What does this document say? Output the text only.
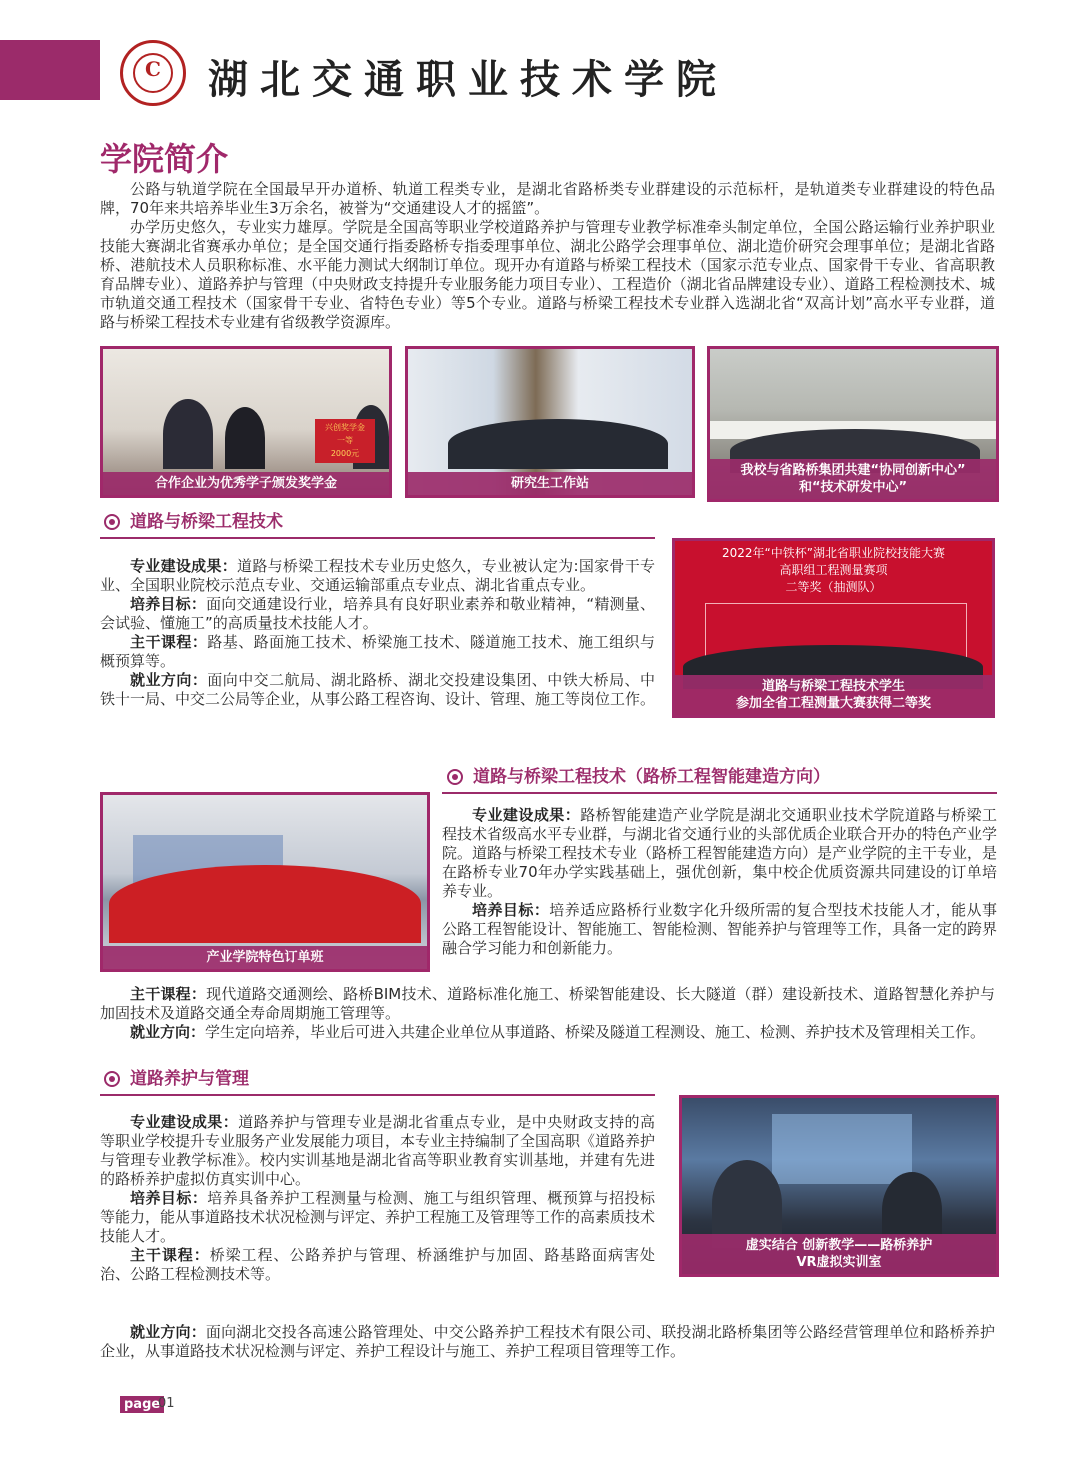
C	湖北交通职业技术学院
学院简介

公路与轨道学院在全国最早开办道桥、轨道工程类专业，是湖北省路桥类专业群建设的示范标杆，是轨道类专业群建设的特色品牌，70年来共培养毕业生3万余名，被誉为“交通建设人才的摇篮”。

办学历史悠久，专业实力雄厚。学院是全国高等职业学校道路养护与管理专业教学标准牵头制定单位，全国公路运输行业养护职业技能大赛湖北省赛承办单位；是全国交通行指委路桥专指委理事单位、湖北公路学会理事单位、湖北造价研究会理事单位；是湖北省路桥、港航技术人员职称标准、水平能力测试大纲制订单位。现开办有道路与桥梁工程技术（国家示范专业点、国家骨干专业、省高职教育品牌专业）、道路养护与管理（中央财政支持提升专业服务能力项目专业）、工程造价（湖北省品牌建设专业）、道路工程检测技术、城市轨道交通工程技术（国家骨干专业、省特色专业）等5个专业。道路与桥梁工程技术专业群入选湖北省“双高计划”高水平专业群，道路与桥梁工程技术专业建有省级教学资源库。

兴创奖学金
一等
2000元
合作企业为优秀学子颁发奖学金	研究生工作站
我校与省路桥集团共建“协同创新中心”
和“技术研发中心”
道路与桥梁工程技术

专业建设成果：道路与桥梁工程技术专业历史悠久，专业被认定为:国家骨干专业、全国职业院校示范点专业、交通运输部重点专业点、湖北省重点专业。

培养目标：面向交通建设行业，培养具有良好职业素养和敬业精神，“精测量、会试验、懂施工”的高质量技术技能人才。

主干课程：路基、路面施工技术、桥梁施工技术、隧道施工技术、施工组织与概预算等。

就业方向：面向中交二航局、湖北路桥、湖北交投建设集团、中铁大桥局、中铁十一局、中交二公局等企业，从事公路工程咨询、设计、管理、施工等岗位工作。

2022年“中铁杯”湖北省职业院校技能大赛
高职组工程测量赛项
二等奖（抽测队）
道路与桥梁工程技术学生
参加全省工程测量大赛获得二等奖
道路与桥梁工程技术（路桥工程智能建造方向）
产业学院特色订单班

专业建设成果：路桥智能建造产业学院是湖北交通职业技术学院道路与桥梁工程技术省级高水平专业群，与湖北省交通行业的头部优质企业联合开办的特色产业学院。道路与桥梁工程技术专业（路桥工程智能建造方向）是产业学院的主干专业，是在路桥专业70年办学实践基础上，强优创新，集中校企优质资源共同建设的订单培养专业。

培养目标：培养适应路桥行业数字化升级所需的复合型技术技能人才，能从事公路工程智能设计、智能施工、智能检测、智能养护与管理等工作，具备一定的跨界融合学习能力和创新能力。

主干课程：现代道路交通测绘、路桥BIM技术、道路标准化施工、桥梁智能建设、长大隧道（群）建设新技术、道路智慧化养护与加固技术及道路交通全寿命周期施工管理等。

就业方向：学生定向培养，毕业后可进入共建企业单位从事道路、桥梁及隧道工程测设、施工、检测、养护技术及管理相关工作。

道路养护与管理

专业建设成果：道路养护与管理专业是湖北省重点专业，是中央财政支持的高等职业学校提升专业服务产业发展能力项目，本专业主持编制了全国高职《道路养护与管理专业教学标准》。校内实训基地是湖北省高等职业教育实训基地，并建有先进的路桥养护虚拟仿真实训中心。

培养目标：培养具备养护工程测量与检测、施工与组织管理、概预算与招投标等能力，能从事道路技术状况检测与评定、养护工程施工及管理等工作的高素质技术技能人才。

主干课程：桥梁工程、公路养护与管理、桥涵维护与加固、路基路面病害处治、公路工程检测技术等。

虚实结合 创新教学——路桥养护
VR虚拟实训室

就业方向：面向湖北交投各高速公路管理处、中交公路养护工程技术有限公司、联投湖北路桥集团等公路经营管理单位和路桥养护企业，从事道路技术状况检测与评定、养护工程设计与施工、养护工程项目管理等工作。

page
01
